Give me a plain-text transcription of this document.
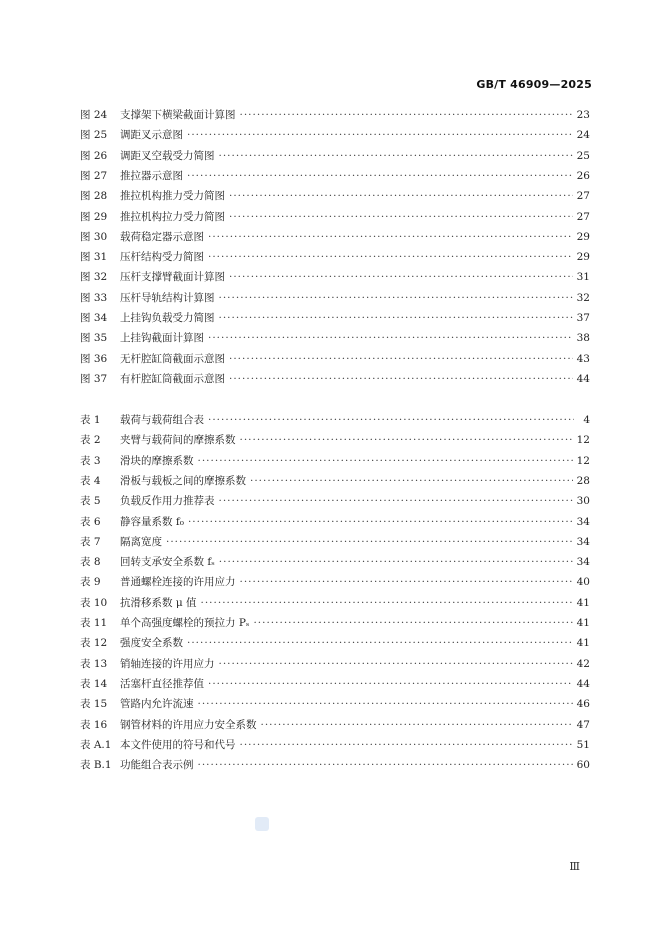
GB/T 46909—2025
图 24	支撑架下横梁截面计算图 ·····	23
图 25	调距叉示意图 ·····	24
图 26	调距叉空载受力简图 ·····	25
图 27	推拉器示意图 ·····	26
图 28	推拉机构推力受力简图 ·····	27
图 29	推拉机构拉力受力简图 ·····	27
图 30	载荷稳定器示意图 ·····	29
图 31	压杆结构受力简图 ·····	29
图 32	压杆支撑臂截面计算图 ·····	31
图 33	压杆导轨结构计算图 ·····	32
图 34	上挂钩负载受力简图 ·····	37
图 35	上挂钩截面计算图 ·····	38
图 36	无杆腔缸筒截面示意图 ·····	43
图 37	有杆腔缸筒截面示意图 ·····	44
表 1	载荷与载荷组合表 ·····	4
表 2	夹臂与载荷间的摩擦系数 ·····	12
表 3	滑块的摩擦系数 ·····	12
表 4	滑板与载板之间的摩擦系数 ·····	28
表 5	负载反作用力推荐表 ·····	30
表 6	静容量系数 f₀ ·····	34
表 7	隔离宽度 ·····	34
表 8	回转支承安全系数 fₛ ·····	34
表 9	普通螺栓连接的许用应力 ·····	40
表 10	抗滑移系数 μ 值 ·····	41
表 11	单个高强度螺栓的预拉力 Pₛ ·····	41
表 12	强度安全系数 ·····	41
表 13	销轴连接的许用应力 ·····	42
表 14	活塞杆直径推荐值 ·····	44
表 15	管路内允许流速 ·····	46
表 16	钢管材料的许用应力安全系数 ·····	47
表 A.1 本文件使用的符号和代号 ·····	51
表 B.1 功能组合表示例 ·····	60
Ⅲ
